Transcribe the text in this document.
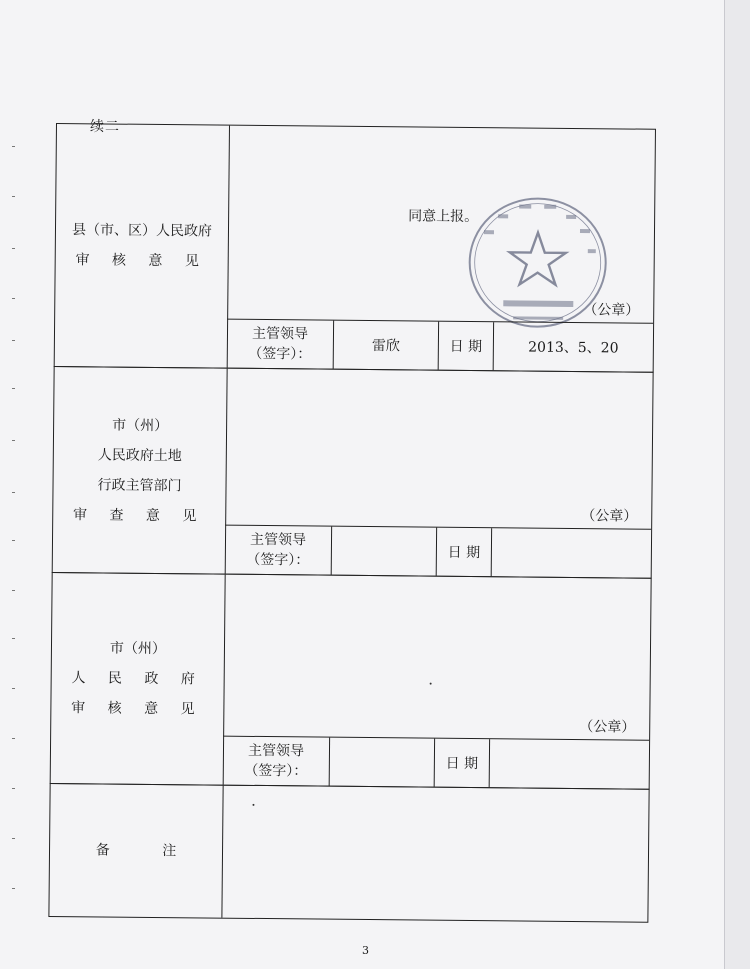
续二
县（市、区）人民政府
审 核 意 见
同意上报。
（公章）
主管领导
（签字）：	雷欣	日 期	2013、5、20
市（州）
人民政府土地
行政主管部门
审 查 意 见	（公章）
主管领导
（签字）：	日 期
市（州）
人 民 政 府
审 核 意 见
（公章）
主管领导
（签字）：	日 期
备	注
3
